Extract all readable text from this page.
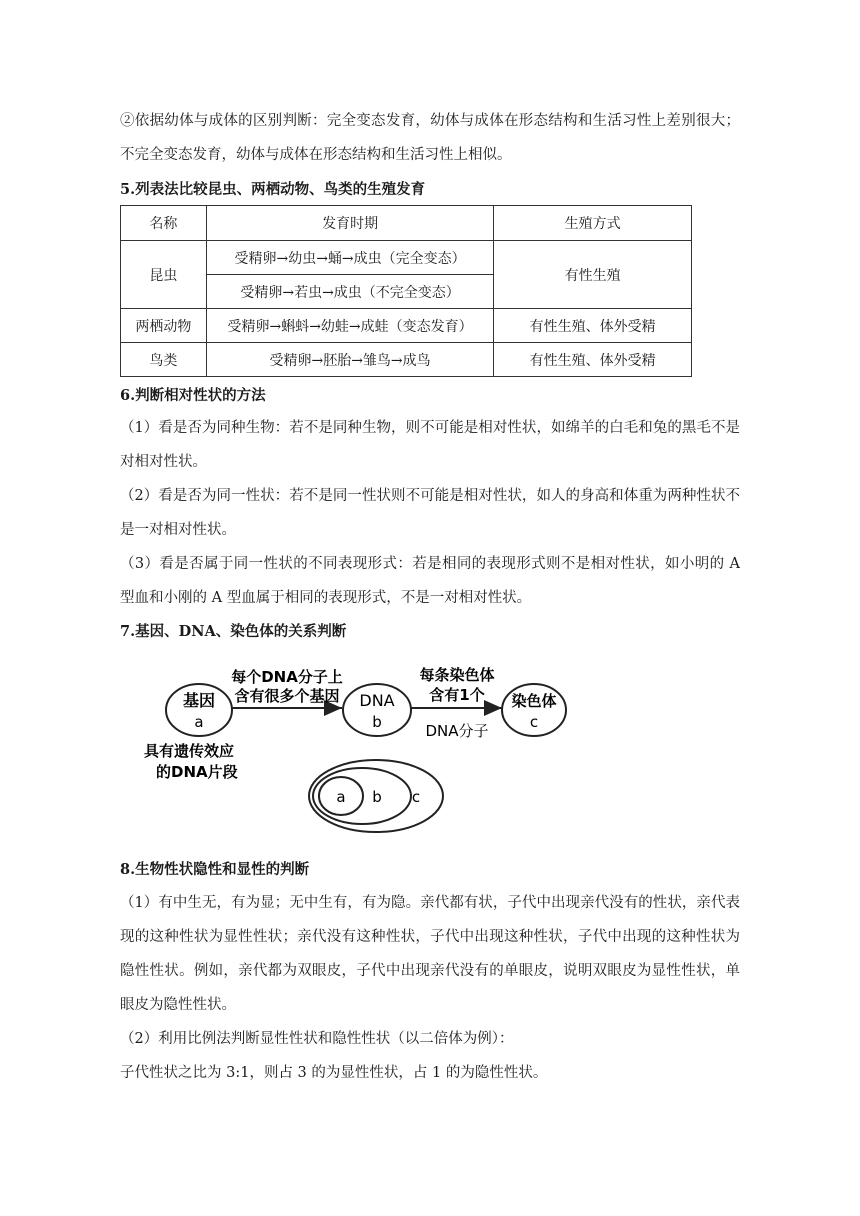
②依据幼体与成体的区别判断：完全变态发育，幼体与成体在形态结构和生活习性上差别很大；不完全变态发育，幼体与成体在形态结构和生活习性上相似。

5.列表法比较昆虫、两栖动物、鸟类的生殖发育

名称	发育时期	生殖方式
昆虫	受精卵→幼虫→蛹→成虫（完全变态）	有性生殖
	受精卵→若虫→成虫（不完全变态）	
两栖动物	受精卵→蝌蚪→幼蛙→成蛙（变态发育）	有性生殖、体外受精
鸟类	受精卵→胚胎→雏鸟→成鸟	有性生殖、体外受精

6.判断相对性状的方法

（1）看是否为同种生物：若不是同种生物，则不可能是相对性状，如绵羊的白毛和兔的黑毛不是对相对性状。

（2）看是否为同一性状：若不是同一性状则不可能是相对性状，如人的身高和体重为两种性状不是一对相对性状。

（3）看是否属于同一性状的不同表现形式：若是相同的表现形式则不是相对性状，如小明的 A 型血和小刚的 A 型血属于相同的表现形式，不是一对相对性状。

7.基因、DNA、染色体的关系判断

基因
a
每个DNA分子上
含有很多个基因 DNA
b
每条染色体
含有1个
DNA分子
染色体
c
具有遗传效应
的DNA片段
a b c

8.生物性状隐性和显性的判断

（1）有中生无，有为显；无中生有，有为隐。亲代都有状，子代中出现亲代没有的性状，亲代表现的这种性状为显性性状；亲代没有这种性状，子代中出现这种性状，子代中出现的这种性状为隐性性状。例如，亲代都为双眼皮，子代中出现亲代没有的单眼皮，说明双眼皮为显性性状，单眼皮为隐性性状。

（2）利用比例法判断显性性状和隐性性状（以二倍体为例）：

子代性状之比为 3:1，则占 3 的为显性性状，占 1 的为隐性性状。
